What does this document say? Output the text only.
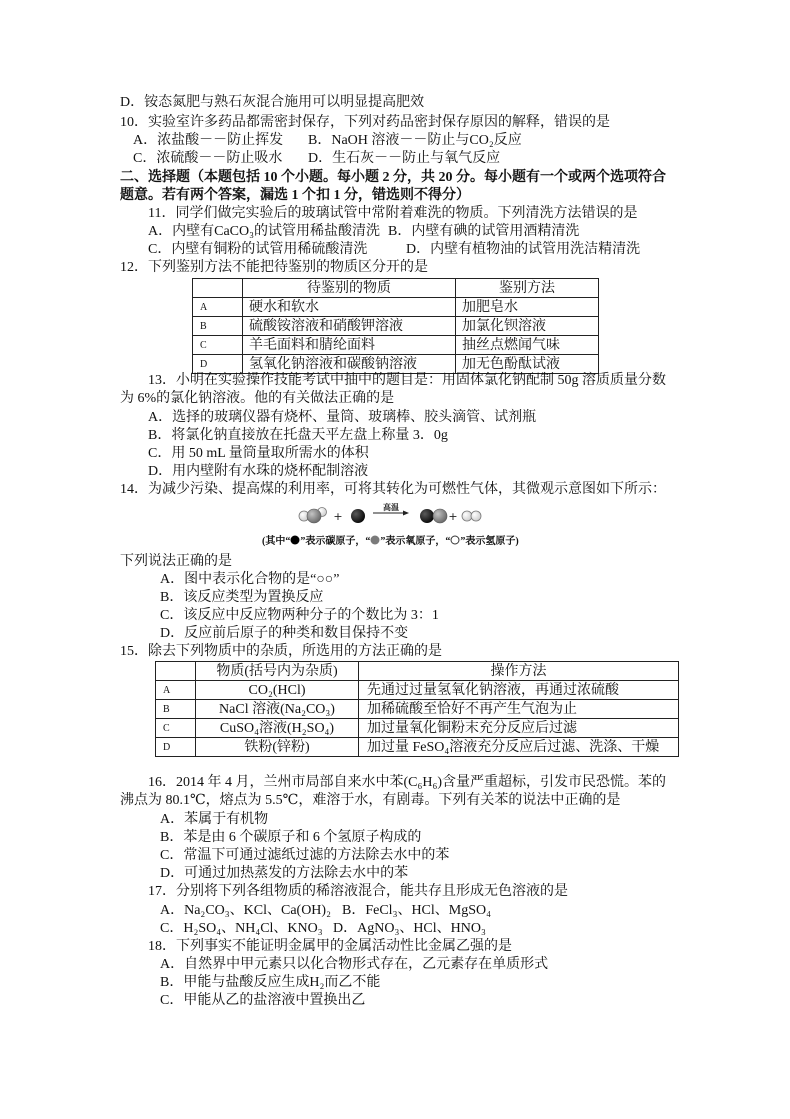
D．铵态氮肥与熟石灰混合施用可以明显提高肥效
10．实验室许多药品都需密封保存，下列对药品密封保存原因的解释，错误的是
A．浓盐酸－－防止挥发 B．NaOH 溶液－－防止与CO₂反应
C．浓硫酸－－防止吸水 D．生石灰－－防止与氧气反应
二、选择题（本题包括 10 个小题。每小题 2 分，共 20 分。每小题有一个或两个选项符合
题意。若有两个答案，漏选 1 个扣 1 分，错选则不得分）
11．同学们做完实验后的玻璃试管中常附着难洗的物质。下列清洗方法错误的是
A．内壁有CaCO₃的试管用稀盐酸清洗 B．内壁有碘的试管用酒精清洗
C．内壁有铜粉的试管用稀硫酸清洗	D．内壁有植物油的试管用洗洁精清洗
12．下列鉴别方法不能把待鉴别的物质区分开的是
	待鉴别的物质	鉴别方法
A	硬水和软水	加肥皂水
B	硫酸铵溶液和硝酸钾溶液	加氯化钡溶液
C	羊毛面料和腈纶面料	抽丝点燃闻气味
D	氢氧化钠溶液和碳酸钠溶液	加无色酚酞试液
13．小明在实验操作技能考试中抽中的题目是：用固体氯化钠配制 50g 溶质质量分数
为 6%的氯化钠溶液。他的有关做法正确的是
A．选择的玻璃仪器有烧杯、量筒、玻璃棒、胶头滴管、试剂瓶
B．将氯化钠直接放在托盘天平左盘上称量 3．0g
C．用 50 mL 量筒量取所需水的体积
D．用内壁附有水珠的烧杯配制溶液
14．为减少污染、提高煤的利用率，可将其转化为可燃性气体，其微观示意图如下所示：
+
高温
+
(其中“ ”表示碳原子，“ ”表示氧原子，“ ”表示氢原子)
下列说法正确的是
A．图中表示化合物的是“○○”
B．该反应类型为置换反应
C．该反应中反应物两种分子的个数比为 3：1
D．反应前后原子的种类和数目保持不变
15．除去下列物质中的杂质，所选用的方法正确的是
	物质(括号内为杂质)	操作方法
A	CO₂(HCl)	先通过过量氢氧化钠溶液，再通过浓硫酸
B	NaCl 溶液(Na₂CO₃)	加稀硫酸至恰好不再产生气泡为止
C	CuSO₄溶液(H₂SO₄)	加过量氧化铜粉末充分反应后过滤
D	铁粉(锌粉)	加过量 FeSO₄溶液充分反应后过滤、洗涤、干燥
16．2014 年 4 月，兰州市局部自来水中苯(C₆H₆)含量严重超标，引发市民恐慌。苯的
沸点为 80.1℃，熔点为 5.5℃，难溶于水，有剧毒。下列有关苯的说法中正确的是
A．苯属于有机物
B．苯是由 6 个碳原子和 6 个氢原子构成的
C．常温下可通过滤纸过滤的方法除去水中的苯
D．可通过加热蒸发的方法除去水中的苯
17．分别将下列各组物质的稀溶液混合，能共存且形成无色溶液的是
A．Na₂CO₃、KCl、Ca(OH)₂ B．FeCl₃、HCl、MgSO₄
C．H₂SO₄、NH₄Cl、KNO₃ D．AgNO₃、HCl、HNO₃
18．下列事实不能证明金属甲的金属活动性比金属乙强的是
A．自然界中甲元素只以化合物形式存在，乙元素存在单质形式
B．甲能与盐酸反应生成H₂而乙不能
C．甲能从乙的盐溶液中置换出乙
